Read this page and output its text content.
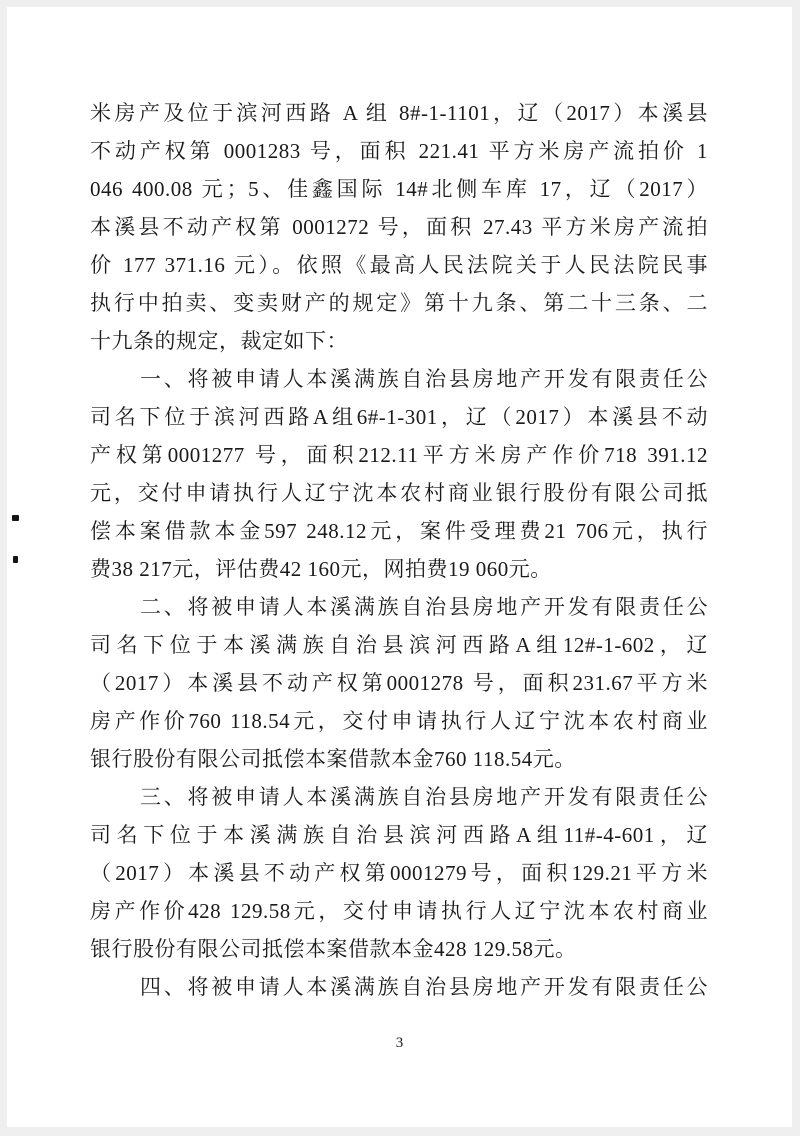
米房产及位于滨河西路 A 组 8#-1-1101，辽（2017）本溪县
不动产权第 0001283 号，面积 221.41 平方米房产流拍价 1
046 400.08 元；5、佳鑫国际 14#北侧车库 17，辽（2017）
本溪县不动产权第 0001272 号，面积 27.43 平方米房产流拍
价 177 371.16 元）。依照《最高人民法院关于人民法院民事
执行中拍卖、变卖财产的规定》第十九条、第二十三条、二
十九条的规定，裁定如下：
一、将被申请人本溪满族自治县房地产开发有限责任公
司名下位于滨河西路A组6#-1-301，辽（2017）本溪县不动
产权第0001277 号，面积212.11平方米房产作价718 391.12
元，交付申请执行人辽宁沈本农村商业银行股份有限公司抵
偿本案借款本金597 248.12元，案件受理费21 706元，执行
费38 217元，评估费42 160元，网拍费19 060元。
二、将被申请人本溪满族自治县房地产开发有限责任公
司名下位于本溪满族自治县滨河西路A组12#-1-602，辽
（2017）本溪县不动产权第0001278 号，面积231.67平方米
房产作价760 118.54元，交付申请执行人辽宁沈本农村商业
银行股份有限公司抵偿本案借款本金760 118.54元。
三、将被申请人本溪满族自治县房地产开发有限责任公
司名下位于本溪满族自治县滨河西路A组11#-4-601，辽
（2017）本溪县不动产权第0001279号，面积129.21平方米
房产作价428 129.58元，交付申请执行人辽宁沈本农村商业
银行股份有限公司抵偿本案借款本金428 129.58元。
四、将被申请人本溪满族自治县房地产开发有限责任公
3
